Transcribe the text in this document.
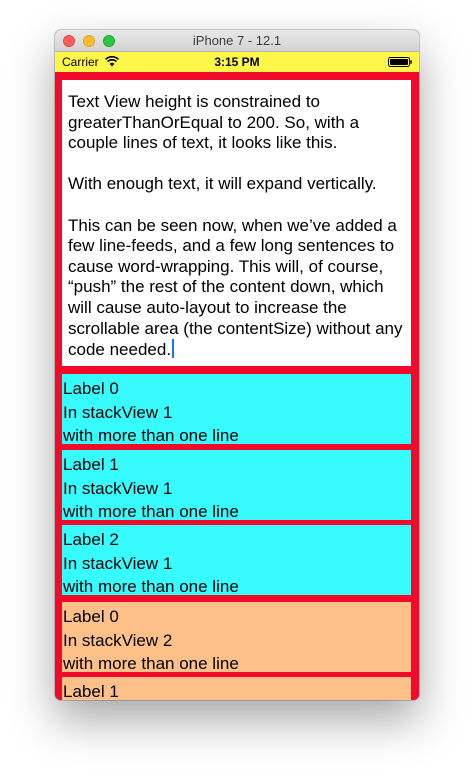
iPhone 7 - 12.1
Carrier	3:15 PM

Text View height is constrained to greaterThanOrEqual to 200. So, with a couple lines of text, it looks like this.

With enough text, it will expand vertically.

This can be seen now, when we’ve added a few line-feeds, and a few long sentences to cause word-wrapping. This will, of course, “push” the rest of the content down, which will cause auto-layout to increase the scrollable area (the contentSize) without any code needed.

Label 0
In stackView 1
with more than one line
Label 1
In stackView 1
with more than one line
Label 2
In stackView 1
with more than one line
Label 0
In stackView 2
with more than one line
Label 1
